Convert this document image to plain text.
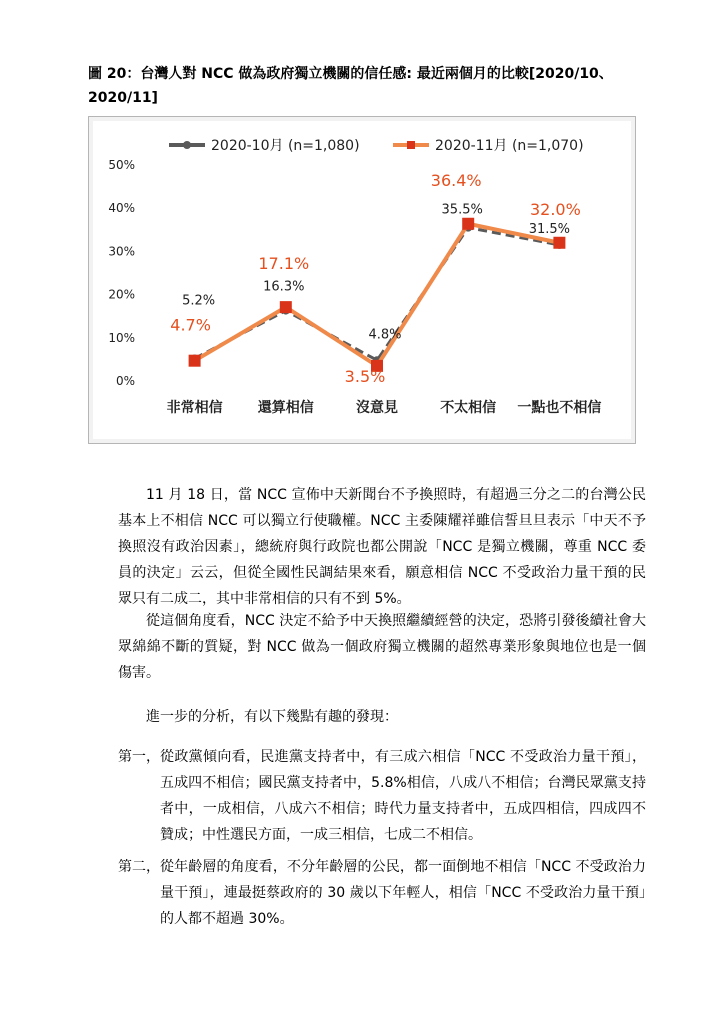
圖 20：台灣人對 NCC 做為政府獨立機關的信任感: 最近兩個月的比較[2020/10、2020/11]
2020-10月 (n=1,080)	2020-11月 (n=1,070)
0%
10%
20%
30%
40%
50%
非常相信	還算相信	沒意見	不太相信 一點也不相信
5.2%
16.3%
4.8%
35.5%
31.5%
4.7%
17.1%
3.5%
36.4%
32.0%
11 月 18 日，當 NCC 宣佈中天新聞台不予換照時，有超過三分之二的台灣公民基本上不相信 NCC 可以獨立行使職權。NCC 主委陳耀祥雖信誓旦旦表示「中天不予換照沒有政治因素」，總統府與行政院也都公開說「NCC 是獨立機關，尊重 NCC 委員的決定」云云，但從全國性民調結果來看，願意相信 NCC 不受政治力量干預的民眾只有二成二，其中非常相信的只有不到 5%。
從這個角度看，NCC 決定不給予中天換照繼續經營的決定，恐將引發後續社會大眾綿綿不斷的質疑，對 NCC 做為一個政府獨立機關的超然專業形象與地位也是一個傷害。
進一步的分析，有以下幾點有趣的發現：
第一， 從政黨傾向看，民進黨支持者中，有三成六相信「NCC 不受政治力量干預」，五成四不相信；國民黨支持者中，5.8%相信，八成八不相信；台灣民眾黨支持者中，一成相信，八成六不相信；時代力量支持者中，五成四相信，四成四不贊成；中性選民方面，一成三相信，七成二不相信。
第二， 從年齡層的角度看，不分年齡層的公民，都一面倒地不相信「NCC 不受政治力量干預」，連最挺蔡政府的 30 歲以下年輕人，相信「NCC 不受政治力量干預」的人都不超過 30%。
